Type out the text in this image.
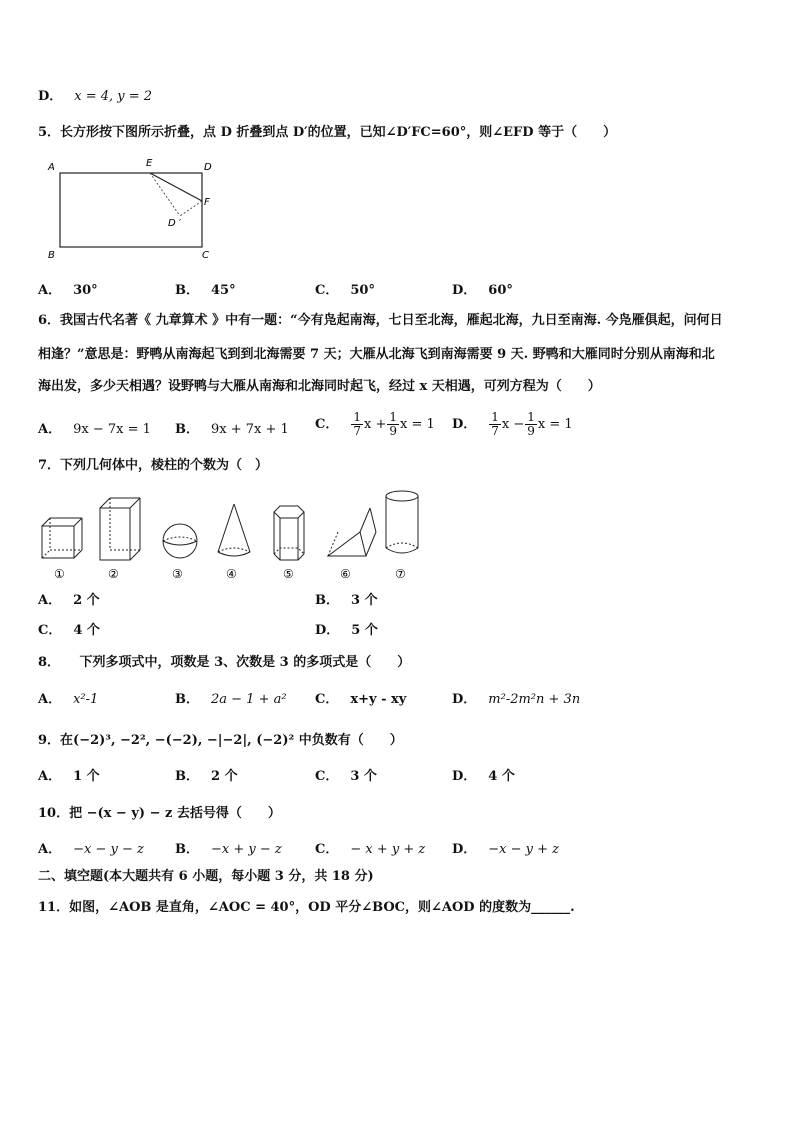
D． x = 4, y = 2
5．长方形按下图所示折叠，点 D 折叠到点 D′的位置，已知∠D′FC=60°，则∠EFD 等于（　　）
A	E	D
F
D ′
B	C
A． 30°	B． 45°	C． 50°	D． 60°
6．我国古代名著《 九章算术 》中有一题：“今有凫起南海，七日至北海，雁起北海，九日至南海. 今凫雁俱起，问何日
相逢？”意思是：野鸭从南海起飞到到北海需要 7 天；大雁从北海飞到南海需要 9 天. 野鸭和大雁同时分别从南海和北
海出发，多少天相遇？设野鸭与大雁从南海和北海同时起飞，经过 x 天相遇，可列方程为（　　）
A． 9x − 7x = 1 B． 9x + 7x + 1 C． $\frac{1}{7}$ $x + \frac{1}{9}$ x = 1 D． $\frac{1}{7}$ $x - \frac{1}{9}$ x = 1
7．下列几何体中，棱柱的个数为（　）
①	②	③	④	⑤	⑥	⑦
A． 2 个	B． 3 个
C． 4 个	D． 5 个
8．　　下列多项式中，项数是 3、次数是 3 的多项式是（　　）
A． x²-1	B． 2a − 1 + a² C． x+y - xy	D． m²-2m²n + 3n
9．在(−2)³, −2², −(−2), −|−2|, (−2)² 中负数有（　　）
A． 1 个	B． 2 个	C． 3 个	D． 4 个
10．把 −(x − y) − z 去括号得（　　）
A． −x − y − z B． −x + y − z	C． − x + y + z D． −x − y + z
二、填空题(本大题共有 6 小题，每小题 3 分，共 18 分)
11．如图，∠AOB 是直角，∠AOC = 40°，OD 平分∠BOC，则∠AOD 的度数为______.
